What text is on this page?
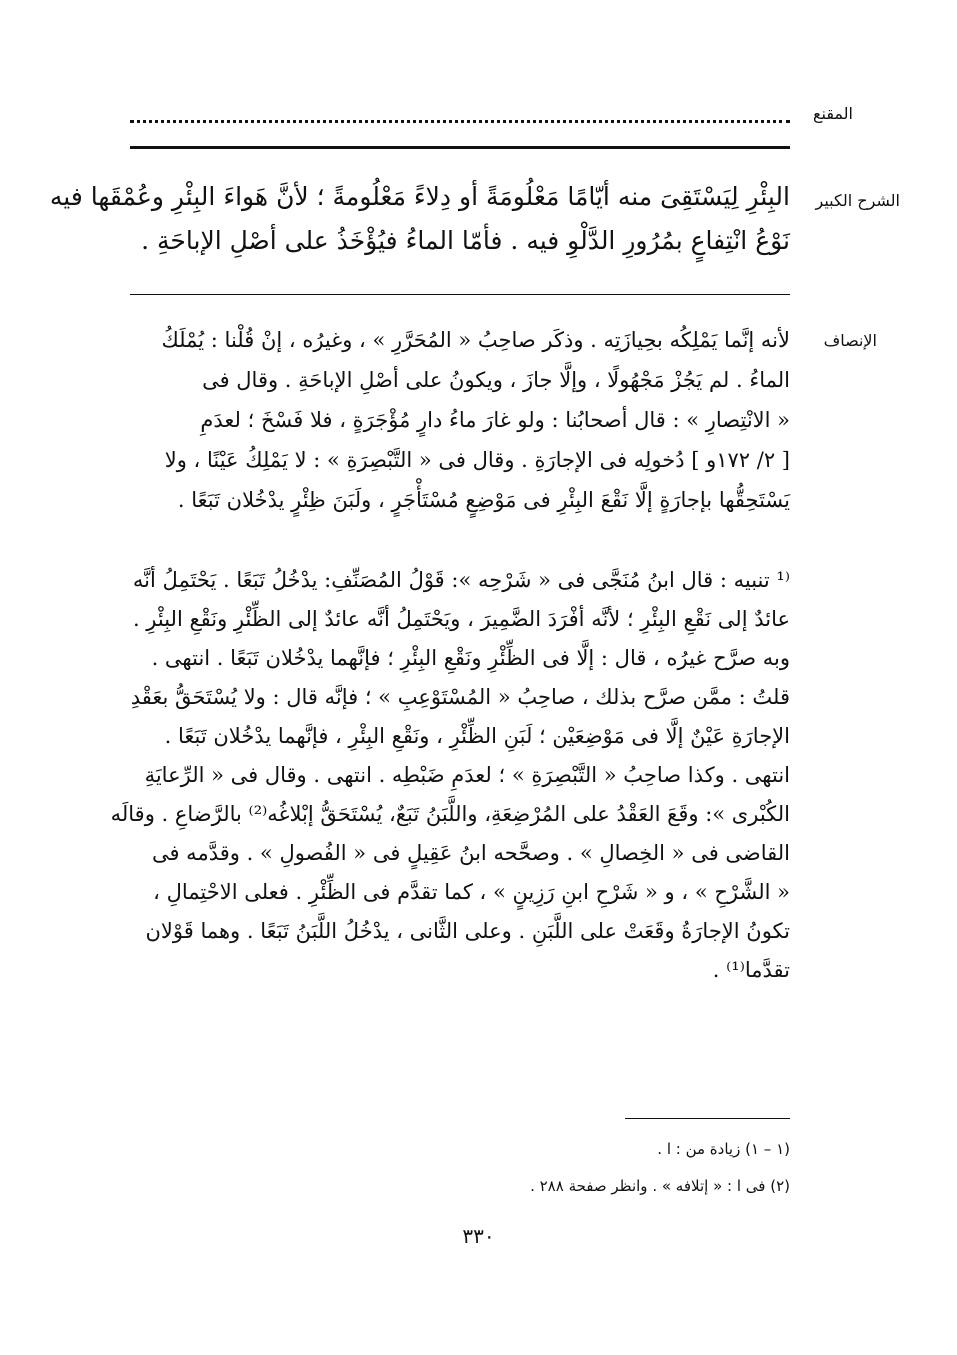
المقنع
الشرح الكبير
البِئْرِ لِيَسْتَقِىَ منه أيّامًا مَعْلُومَةً أو دِلاءً مَعْلُومةً ؛ لأنَّ هَواءَ البِئْرِ وعُمْقَها فيه
نَوْعُ انْتِفاعٍ بمُرُورِ الدَّلْوِ فيه . فأمّا الماءُ فيُؤْخَذُ على أصْلِ الإباحَةِ .
الإنصاف
لأنه إنَّما يَمْلِكُه بحِيازَتِه . وذكَر صاحِبُ « المُحَرَّرِ » ، وغيرُه ، إنْ قُلْنا : يُمْلَكُ
الماءُ . لم يَجُزْ مَجْهُولًا ، وإلَّا جازَ ، ويكونُ على أصْلِ الإباحَةِ . وقال فى
« الانْتِصارِ » : قال أصحابُنا : ولو غارَ ماءُ دارٍ مُؤْجَرَةٍ ، فلا فَسْخَ ؛ لعدَمِ
[ ٢/ ١٧٢و ] دُخولِه فى الإجارَةِ . وقال فى « التَّبْصِرَةِ » : لا يَمْلِكُ عَيْنًا ، ولا
يَسْتَحِقُّها بإجارَةٍ إلَّا نَقْعَ البِئْرِ فى مَوْضِعٍ مُسْتَأْجَرٍ ، ولَبَنَ ظِئْرٍ يدْخُلان تَبَعًا .
⁽¹ تنبيه : قال ابنُ مُنَجَّى فى « شَرْحِه »: قَوْلُ المُصَنِّفِ: يدْخُلُ تَبَعًا . يَحْتَمِلُ أنَّه
عائدٌ إلى نَقْعِ البِئْرِ ؛ لأنَّه أفْرَدَ الضَّمِيرَ ، ويَحْتَمِلُ أنَّه عائدٌ إلى الظِّئْرِ ونَقْعِ البِئْرِ .
وبه صرَّح غيرُه ، قال : إلَّا فى الظِّئْرِ ونَقْعِ البِئْرِ ؛ فإنَّهما يدْخُلان تَبَعًا . انتهى .
قلتُ : ممَّن صرَّح بذلك ، صاحِبُ « المُسْتَوْعِبِ » ؛ فإنَّه قال : ولا يُسْتَحَقُّ بعَقْدِ
الإجارَةِ عَيْنٌ إلَّا فى مَوْضِعَيْن ؛ لَبَنِ الظِّئْرِ ، ونَقْعِ البِئْرِ ، فإنَّهما يدْخُلان تَبَعًا .
انتهى . وكذا صاحِبُ « التَّبْصِرَةِ » ؛ لعدَمِ ضَبْطِه . انتهى . وقال فى « الرِّعايَةِ
الكُبْرى »: وقَعَ العَقْدُ على المُرْضِعَةِ، واللَّبَنُ تَبَعٌ، يُسْتَحَقُّ إبْلاغُه⁽²⁾ بالرَّضاعِ . وقالَه
القاضى فى « الخِصالِ » . وصحَّحه ابنُ عَقِيلٍ فى « الفُصولِ » . وقدَّمه فى
« الشَّرْحِ » ، و « شَرْحِ ابنِ رَزِينٍ » ، كما تقدَّم فى الظِّئْرِ . فعلى الاحْتِمالِ ،
تكونُ الإجارَةُ وقَعَتْ على اللَّبَنِ . وعلى الثَّانى ، يدْخُلُ اللَّبَنُ تَبَعًا . وهما قَوْلان
تقدَّما⁽¹⁾ .
(١ – ١) زيادة من : ا .
(٢) فى ا : « إتلافه » . وانظر صفحة ٢٨٨ .
٣٣٠
